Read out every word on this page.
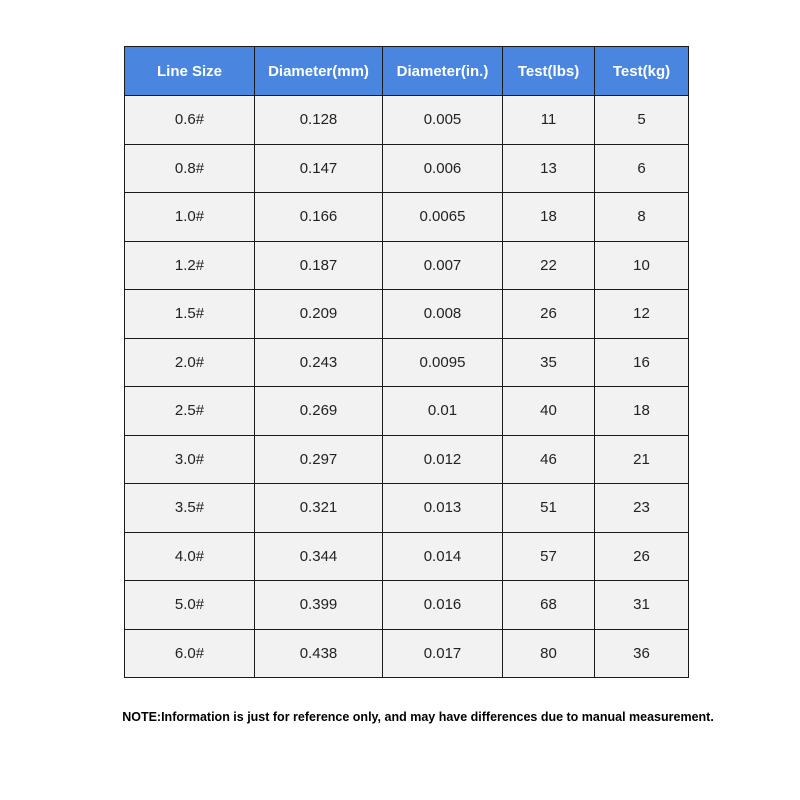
Line Size	Diameter(mm)	Diameter(in.)	Test(lbs)	Test(kg)
0.6#	0.128	0.005	11	5
0.8#	0.147	0.006	13	6
1.0#	0.166	0.0065	18	8
1.2#	0.187	0.007	22	10
1.5#	0.209	0.008	26	12
2.0#	0.243	0.0095	35	16
2.5#	0.269	0.01	40	18
3.0#	0.297	0.012	46	21
3.5#	0.321	0.013	51	23
4.0#	0.344	0.014	57	26
5.0#	0.399	0.016	68	31
6.0#	0.438	0.017	80	36
NOTE:Information is just for reference only, and may have differences due to manual measurement.
